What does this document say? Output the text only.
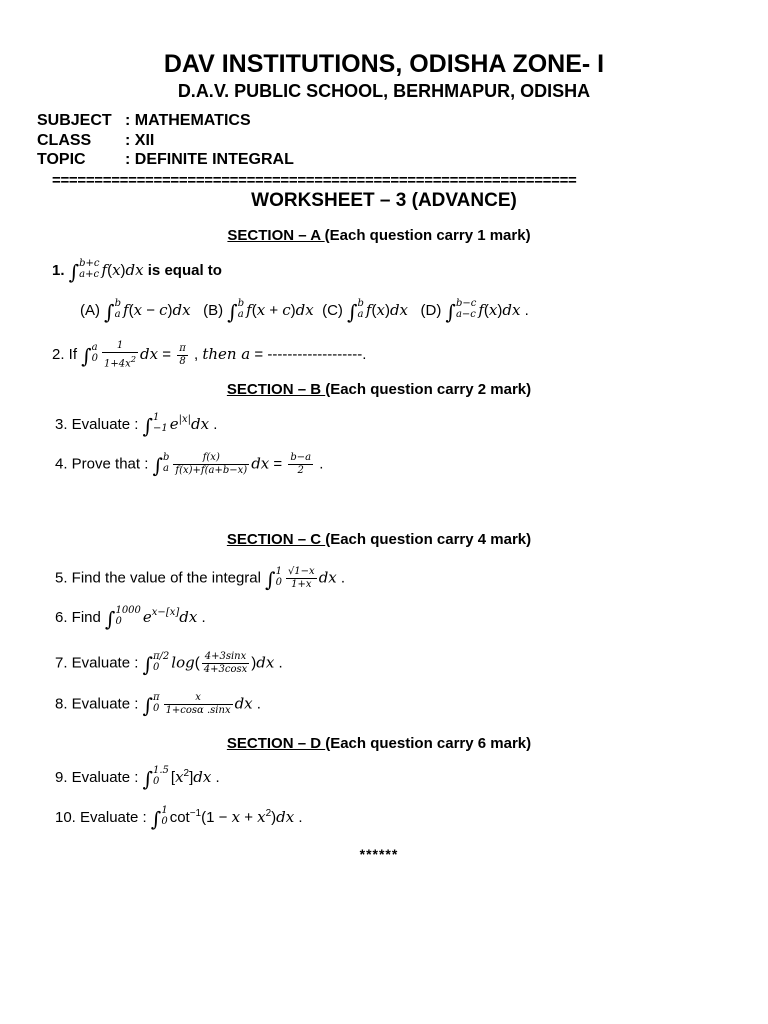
DAV INSTITUTIONS, ODISHA ZONE- I
D.A.V. PUBLIC SCHOOL, BERHMAPUR, ODISHA
SUBJECT : MATHEMATICS
CLASS : XII
TOPIC : DEFINITE INTEGRAL
==============================================================
WORKSHEET – 3 (ADVANCE)
SECTION – A (Each question carry 1 mark)
1. ∫ b+c
a+c f(x)dx is equal to
(A) ∫ b
a f(x − c)dx (B) ∫ b
a f(x + c)dx (C) ∫ b
a f(x)dx (D) ∫ b−c
a−c f(x)dx .
2. If ∫ a
$0 \frac{1}{1+4x^2}$ dx = $\frac{\pi}{8}$ , then a = -------------------.
SECTION – B (Each question carry 2 mark)
3. Evaluate : ∫ 1
−1 $e^{|x|}dx$ .
4. Prove that : ∫ b
a $\frac{f(x)}{f(x)+f(a+b-x)}$ dx = $\frac{b-a}{2}$ .
SECTION – C (Each question carry 4 mark)
5. Find the value of the integral ∫ 1
$0 \frac{√1-x}{1+x}$ dx .
6. Find ∫ 1000
0	$e^{x-[x]}dx$ .
7. Evaluate : ∫ π/2
0 $\log( \frac{4+3\sin x}{4+3\cos x} )dx$ .
8. Evaluate : ∫ π
$0 \frac{x}{1+\cos\alpha .\sin x}$ dx .
SECTION – D (Each question carry 6 mark)
9. Evaluate : ∫ 1.5
0 $[x^2]dx$ .
10. Evaluate : ∫ 1
0 $\cot^{-1}(1 - x + x^2)dx$ .
******
